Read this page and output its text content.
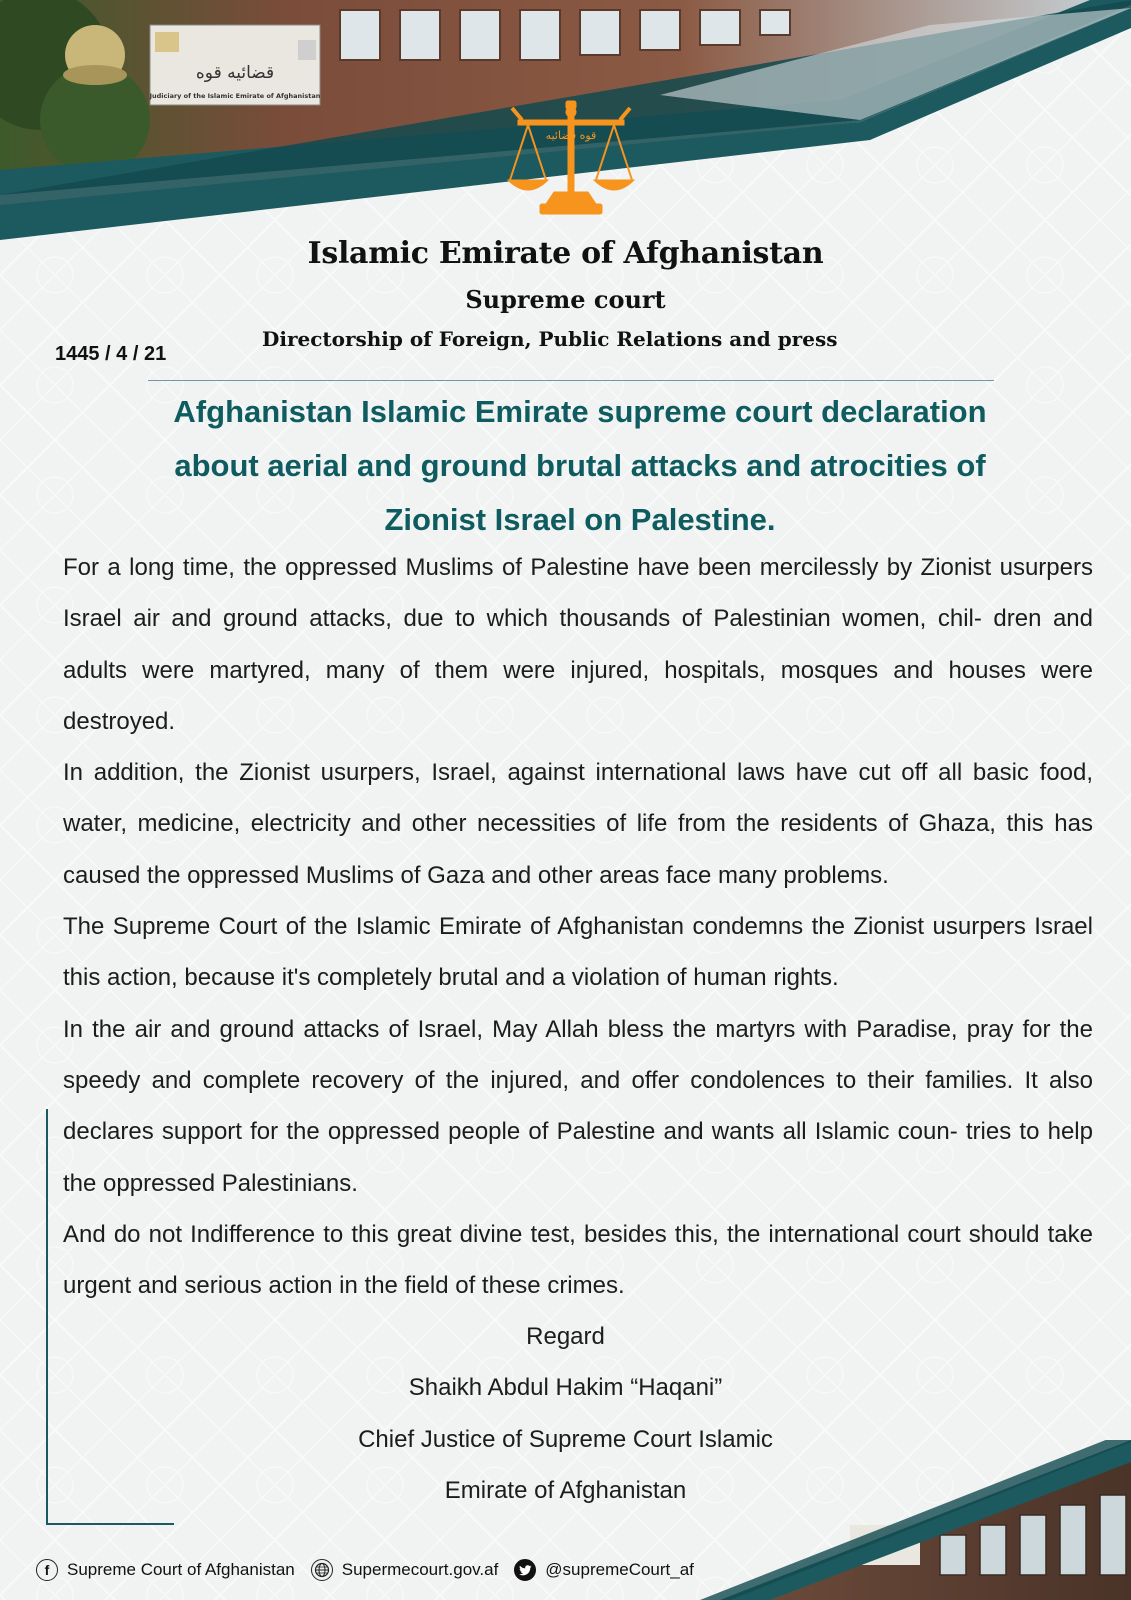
قضائیه قوه
Judiciary of the Islamic Emirate of Afghanistan
قوه قضائیه
Islamic Emirate of Afghanistan
Supreme court
Directorship of Foreign, Public Relations and press
1445 / 4 / 21
Afghanistan Islamic Emirate supreme court declaration
about aerial and ground brutal attacks and atrocities of
Zionist Israel on Palestine.

For a long time, the oppressed Muslims of Palestine have been mercilessly by Zionist usurpers Israel air and ground attacks, due to which thousands of Palestinian women, chil- dren and adults were martyred, many of them were injured, hospitals, mosques and houses were destroyed.

In addition, the Zionist usurpers, Israel, against international laws have cut off all basic food, water, medicine, electricity and other necessities of life from the residents of Ghaza, this has caused the oppressed Muslims of Gaza and other areas face many problems.

The Supreme Court of the Islamic Emirate of Afghanistan condemns the Zionist usurpers Israel this action, because it's completely brutal and a violation of human rights.

In the air and ground attacks of Israel, May Allah bless the martyrs with Paradise, pray for the speedy and complete recovery of the injured, and offer condolences to their families. It also declares support for the oppressed people of Palestine and wants all Islamic coun- tries to help the oppressed Palestinians.

And do not Indifference to this great divine test, besides this, the international court should take urgent and serious action in the field of these crimes.

Regard
Shaikh Abdul Hakim “Haqani”
Chief Justice of Supreme Court Islamic
Emirate of Afghanistan
f	Supreme Court of Afghanistan	Supermecourt.gov.af	@supremeCourt_af
